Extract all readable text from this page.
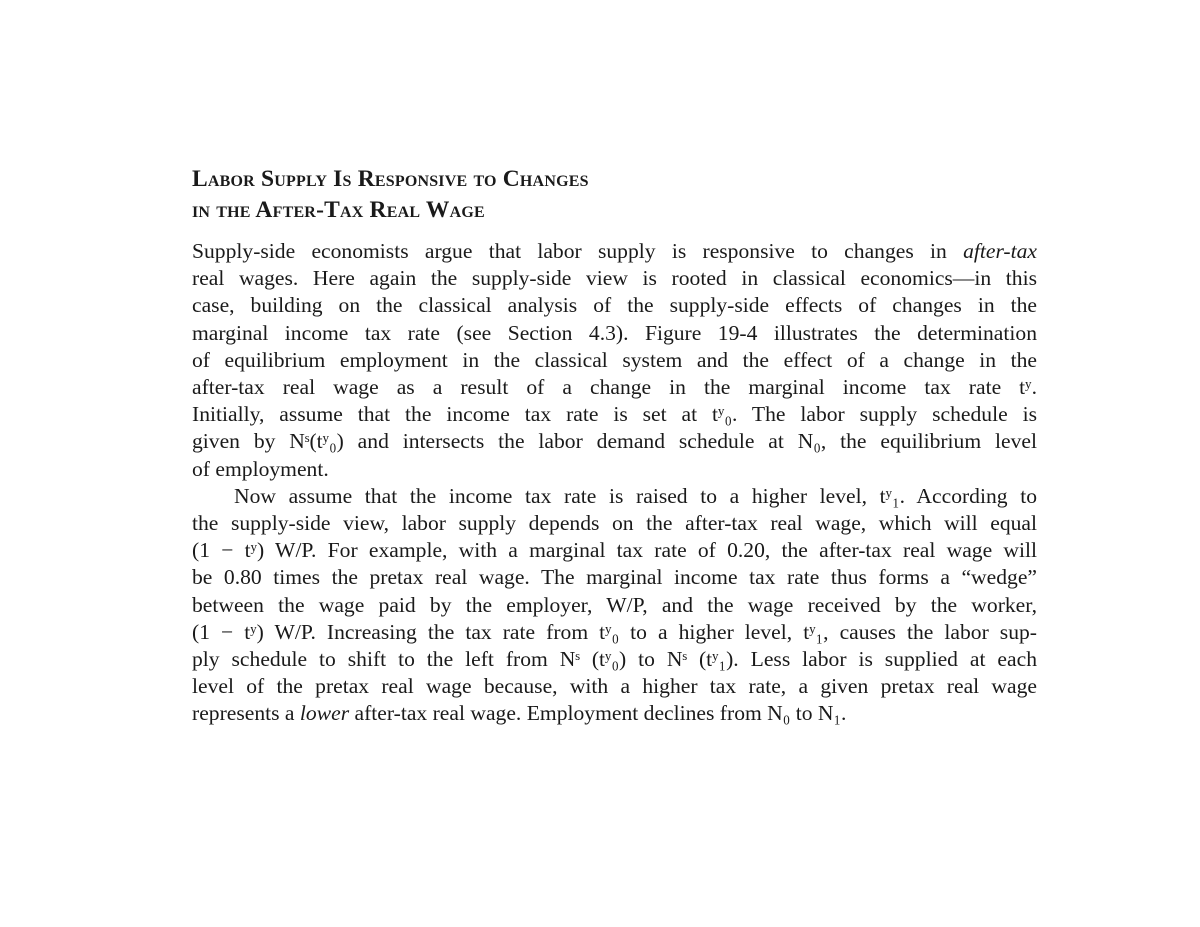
Labor Supply Is Responsive to Changes
in the After-Tax Real Wage

Supply-side economists argue that labor supply is responsive to changes in after-tax
real wages. Here again the supply-side view is rooted in classical economics—in this
case, building on the classical analysis of the supply-side effects of changes in the
marginal income tax rate (see Section 4.3). Figure 19-4 illustrates the determination
of equilibrium employment in the classical system and the effect of a change in the
after-tax real wage as a result of a change in the marginal income tax rate tʸ.
Initially, assume that the income tax rate is set at tʸ₀. The labor supply schedule is
given by Nˢ(tʸ₀) and intersects the labor demand schedule at N₀, the equilibrium level
of employment.

Now assume that the income tax rate is raised to a higher level, tʸ₁. According to
the supply-side view, labor supply depends on the after-tax real wage, which will equal
(1 − tʸ) W/P. For example, with a marginal tax rate of 0.20, the after-tax real wage will
be 0.80 times the pretax real wage. The marginal income tax rate thus forms a “wedge”
between the wage paid by the employer, W/P, and the wage received by the worker,
(1 − tʸ) W/P. Increasing the tax rate from tʸ₀ to a higher level, tʸ₁, causes the labor sup-
ply schedule to shift to the left from Nˢ (tʸ₀) to Nˢ (tʸ₁). Less labor is supplied at each
level of the pretax real wage because, with a higher tax rate, a given pretax real wage
represents a lower after-tax real wage. Employment declines from N₀ to N₁.
